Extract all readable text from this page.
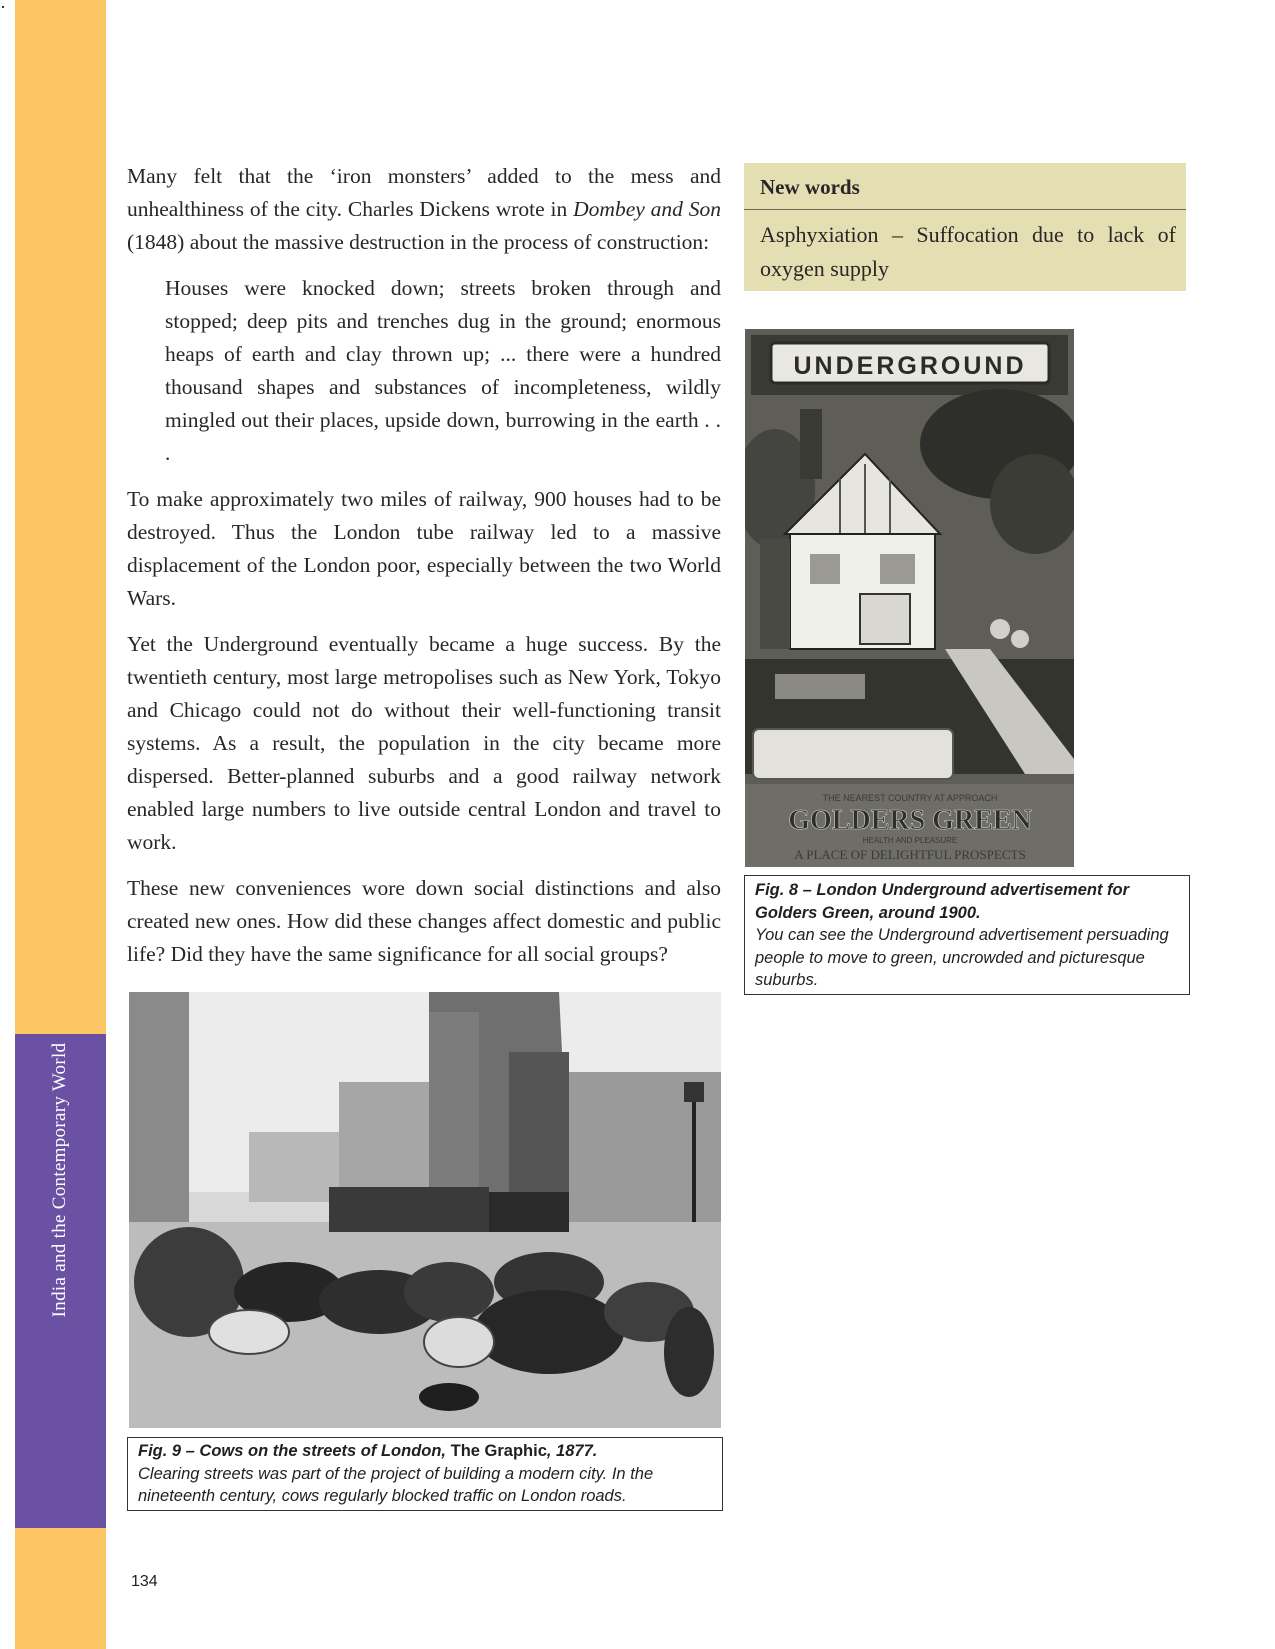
India and the Contemporary World

Many felt that the ‘iron monsters’ added to the mess and unhealthiness of the city. Charles Dickens wrote in Dombey and Son (1848) about the massive destruction in the process of construction:

Houses were knocked down; streets broken through and stopped; deep pits and trenches dug in the ground; enormous heaps of earth and clay thrown up; ... there were a hundred thousand shapes and substances of incompleteness, wildly mingled out their places, upside down, burrowing in the earth . . .

To make approximately two miles of railway, 900 houses had to be destroyed. Thus the London tube railway led to a massive displacement of the London poor, especially between the two World Wars.

Yet the Underground eventually became a huge success. By the twentieth century, most large metropolises such as New York, Tokyo and Chicago could not do without their well-functioning transit systems. As a result, the population in the city became more dispersed. Better-planned suburbs and a good railway network enabled large numbers to live outside central London and travel to work.

These new conveniences wore down social distinctions and also created new ones. How did these changes affect domestic and public life? Did they have the same significance for all social groups?

New words
Asphyxiation – Suffocation due to lack of oxygen supply
UNDERGROUND
THE NEAREST COUNTRY AT APPROACH
GOLDERS GREEN
HEALTH AND PLEASURE
A PLACE OF DELIGHTFUL PROSPECTS
Fig. 8 – London Underground advertisement for Golders Green, around 1900.
You can see the Underground advertisement persuading people to move to green, uncrowded and picturesque suburbs.
Fig. 9 – Cows on the streets of London, The Graphic, 1877.
Clearing streets was part of the project of building a modern city. In the nineteenth century, cows regularly blocked traffic on London roads.
134
